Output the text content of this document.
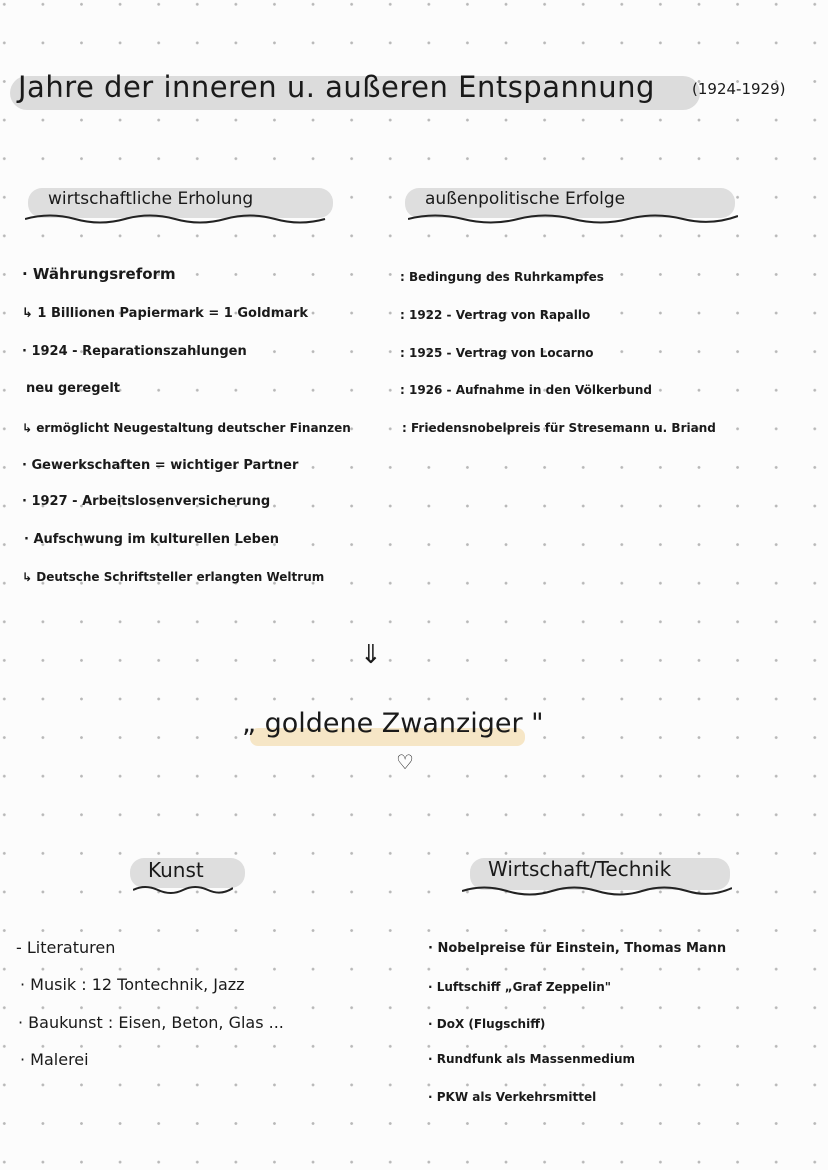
Jahre der inneren u. außeren Entspannung (1924-1929)
wirtschaftliche Erholung	außenpolitische Erfolge
· Währungsreform
↳ 1 Billionen Papiermark = 1 Goldmark
· 1924 - Reparationszahlungen
neu geregelt
↳ ermöglicht Neugestaltung deutscher Finanzen
· Gewerkschaften = wichtiger Partner
· 1927 - Arbeitslosenversicherung
· Aufschwung im kulturellen Leben
↳ Deutsche Schriftsteller erlangten Weltrum
: Bedingung des Ruhrkampfes
: 1922 - Vertrag von Rapallo
: 1925 - Vertrag von Locarno
: 1926 - Aufnahme in den Völkerbund
: Friedensnobelpreis für Stresemann u. Briand
⇓
„ goldene Zwanziger "
♡
Kunst
- Literaturen
· Musik : 12 Tontechnik, Jazz
· Baukunst : Eisen, Beton, Glas ...
· Malerei
Wirtschaft/Technik
· Nobelpreise für Einstein, Thomas Mann
· Luftschiff „Graf Zeppelin"
· DoX (Flugschiff)
· Rundfunk als Massenmedium
· PKW als Verkehrsmittel
